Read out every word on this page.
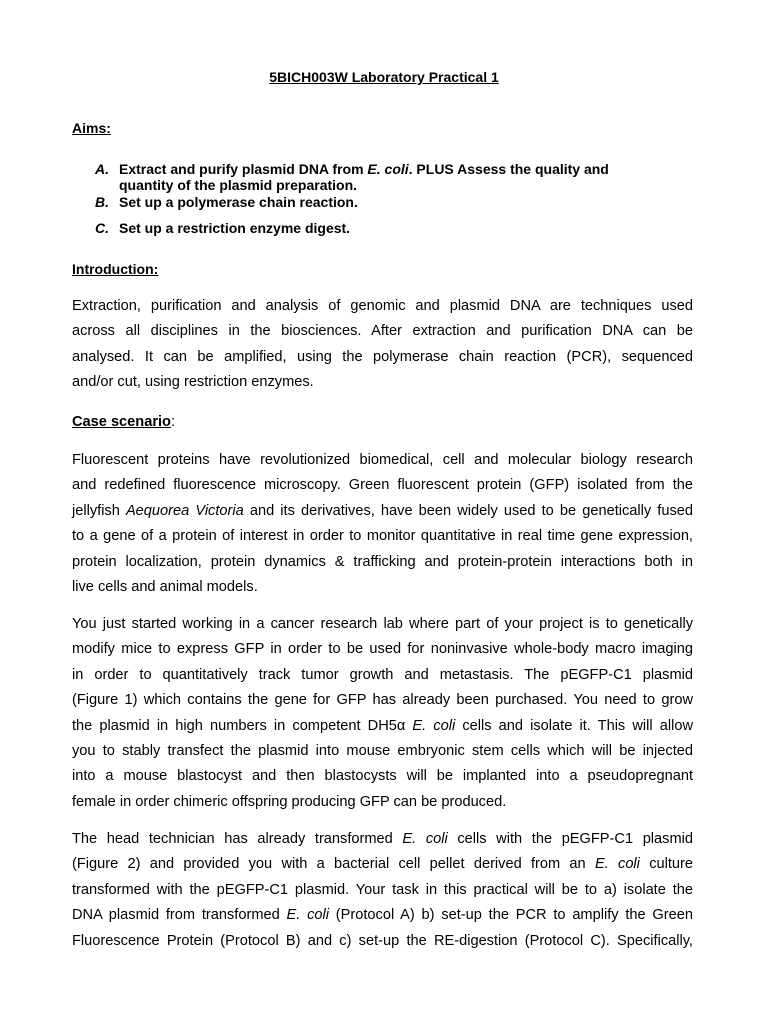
5BICH003W Laboratory Practical 1
Aims:
A. Extract and purify plasmid DNA from E. coli. PLUS Assess the quality and
quantity of the plasmid preparation.
B. Set up a polymerase chain reaction.
C. Set up a restriction enzyme digest.
Introduction:
Extraction, purification and analysis of genomic and plasmid DNA are techniques used
across all disciplines in the biosciences. After extraction and purification DNA can be
analysed. It can be amplified, using the polymerase chain reaction (PCR), sequenced
and/or cut, using restriction enzymes.
Case scenario:
Fluorescent proteins have revolutionized biomedical, cell and molecular biology research
and redefined fluorescence microscopy. Green fluorescent protein (GFP) isolated from the
jellyfish Aequorea Victoria and its derivatives, have been widely used to be genetically fused
to a gene of a protein of interest in order to monitor quantitative in real time gene expression,
protein localization, protein dynamics & trafficking and protein-protein interactions both in
live cells and animal models.
You just started working in a cancer research lab where part of your project is to genetically
modify mice to express GFP in order to be used for noninvasive whole-body macro imaging
in order to quantitatively track tumor growth and metastasis. The pEGFP-C1 plasmid
(Figure 1) which contains the gene for GFP has already been purchased. You need to grow
the plasmid in high numbers in competent DH5α E. coli cells and isolate it. This will allow
you to stably transfect the plasmid into mouse embryonic stem cells which will be injected
into a mouse blastocyst and then blastocysts will be implanted into a pseudopregnant
female in order chimeric offspring producing GFP can be produced.
The head technician has already transformed E. coli cells with the pEGFP-C1 plasmid
(Figure 2) and provided you with a bacterial cell pellet derived from an E. coli culture
transformed with the pEGFP-C1 plasmid. Your task in this practical will be to a) isolate the
DNA plasmid from transformed E. coli (Protocol A) b) set-up the PCR to amplify the Green
Fluorescence Protein (Protocol B) and c) set-up the RE-digestion (Protocol C). Specifically,
